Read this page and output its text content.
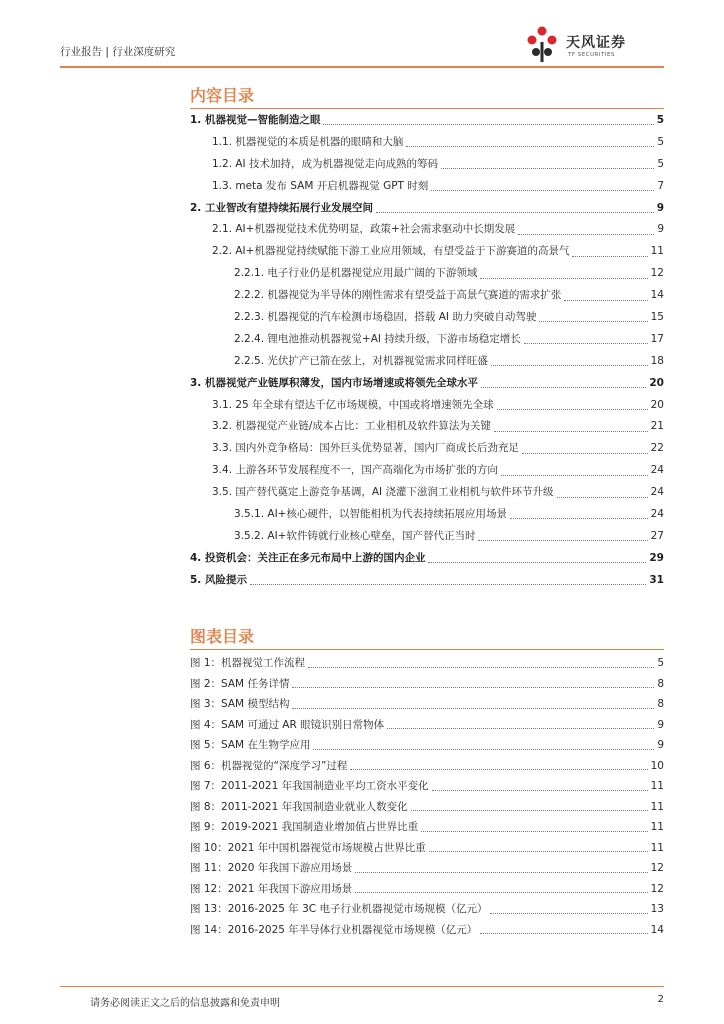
行业报告 | 行业深度研究
天风证券
TF SECURITIES
内容目录
1. 机器视觉—智能制造之眼	5
1.1. 机器视觉的本质是机器的眼睛和大脑	5
1.2. AI 技术加持，成为机器视觉走向成熟的筹码	5
1.3. meta 发布 SAM 开启机器视觉 GPT 时刻	7
2. 工业智改有望持续拓展行业发展空间	9
2.1. AI+机器视觉技术优势明显，政策+社会需求驱动中长期发展	9
2.2. AI+机器视觉持续赋能下游工业应用领域，有望受益于下游赛道的高景气	11
2.2.1. 电子行业仍是机器视觉应用最广阔的下游领域	12
2.2.2. 机器视觉为半导体的刚性需求有望受益于高景气赛道的需求扩张	14
2.2.3. 机器视觉的汽车检测市场稳固，搭载 AI 助力突破自动驾驶	15
2.2.4. 锂电池推动机器视觉+AI 持续升级，下游市场稳定增长	17
2.2.5. 光伏扩产已箭在弦上，对机器视觉需求同样旺盛	18
3. 机器视觉产业链厚积薄发，国内市场增速或将领先全球水平	20
3.1. 25 年全球有望达千亿市场规模，中国或将增速领先全球	20
3.2. 机器视觉产业链/成本占比：工业相机及软件算法为关键	21
3.3. 国内外竞争格局：国外巨头优势显著，国内厂商成长后劲充足	22
3.4. 上游各环节发展程度不一，国产高端化为市场扩张的方向	24
3.5. 国产替代奠定上游竞争基调，AI 浇灌下滋润工业相机与软件环节升级	24
3.5.1. AI+核心硬件，以智能相机为代表持续拓展应用场景	24
3.5.2. AI+软件铸就行业核心壁垒，国产替代正当时	27
4. 投资机会：关注正在多元布局中上游的国内企业	29
5. 风险提示	31
图表目录
图 1：机器视觉工作流程	5
图 2：SAM 任务详情	8
图 3：SAM 模型结构	8
图 4：SAM 可通过 AR 眼镜识别日常物体	9
图 5：SAM 在生物学应用	9
图 6：机器视觉的“深度学习”过程	10
图 7：2011-2021 年我国制造业平均工资水平变化	11
图 8：2011-2021 年我国制造业就业人数变化	11
图 9：2019-2021 我国制造业增加值占世界比重	11
图 10：2021 年中国机器视觉市场规模占世界比重	11
图 11：2020 年我国下游应用场景	12
图 12：2021 年我国下游应用场景	12
图 13：2016-2025 年 3C 电子行业机器视觉市场规模（亿元）	13
图 14：2016-2025 年半导体行业机器视觉市场规模（亿元）	14
请务必阅读正文之后的信息披露和免责申明	2
